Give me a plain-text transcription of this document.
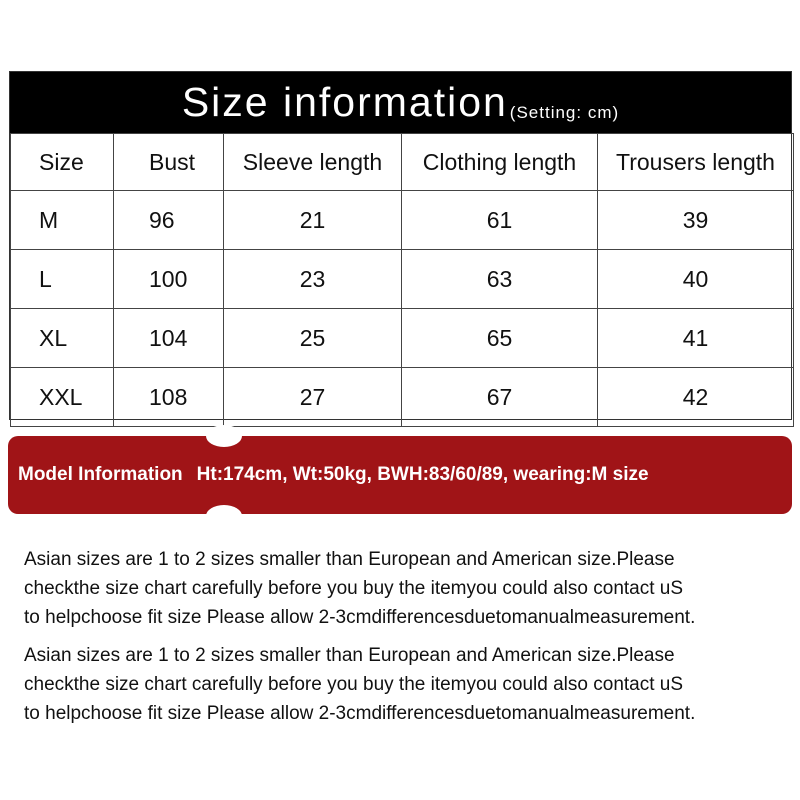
Size information (Setting: cm)
Size	Bust	Sleeve length	Clothing length	Trousers length
M	96	21	61	39
L	100	23	63	40
XL	104	25	65	41
XXL	108	27	67	42
Model Information Ht:174cm, Wt:50kg, BWH:83/60/89, wearing:M size
Asian sizes are 1 to 2 sizes smaller than European and American size.Please
checkthe size chart carefully before you buy the itemyou could also contact uS
to helpchoose fit size Please allow 2-3cmdifferencesduetomanualmeasurement.
Asian sizes are 1 to 2 sizes smaller than European and American size.Please
checkthe size chart carefully before you buy the itemyou could also contact uS
to helpchoose fit size Please allow 2-3cmdifferencesduetomanualmeasurement.
